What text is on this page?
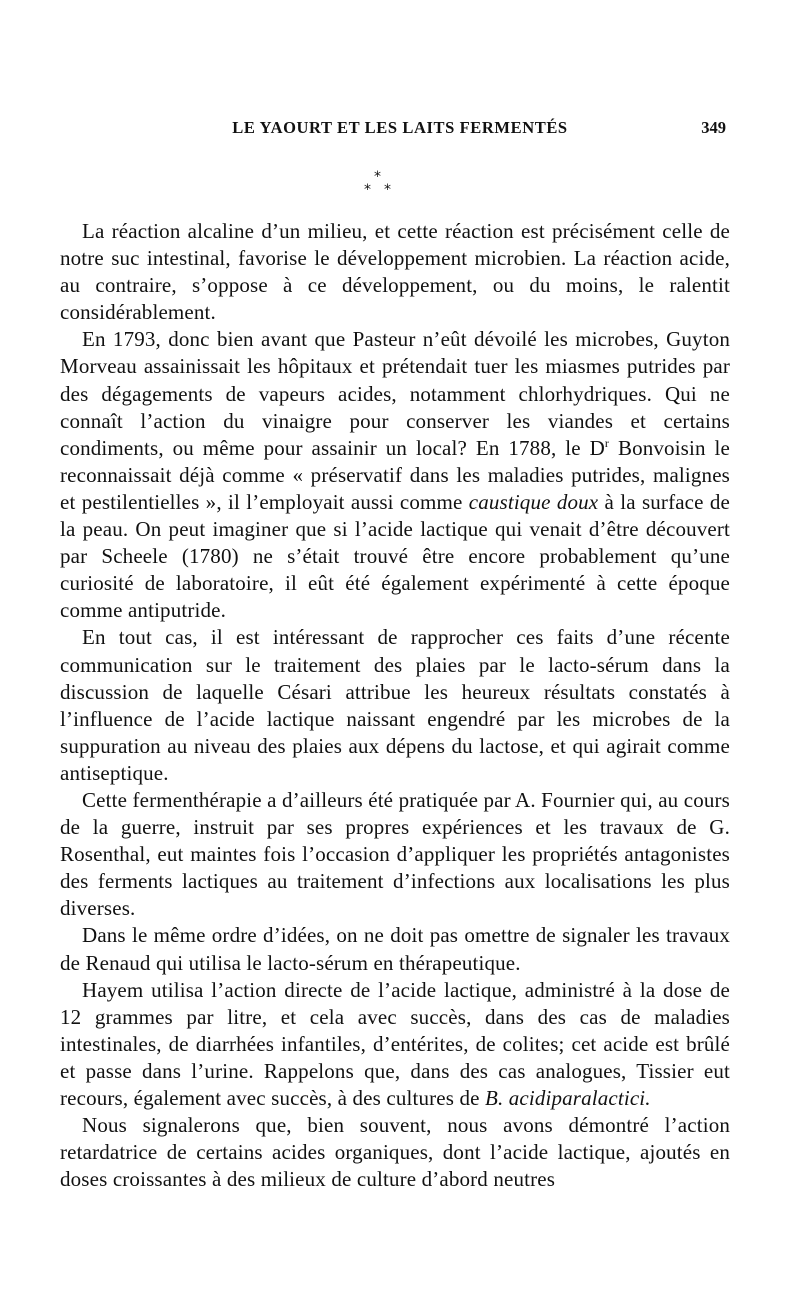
LE YAOURT ET LES LAITS FERMENTÉS	349
*
* *

La réaction alcaline d’un milieu, et cette réaction est précisément celle de notre suc intestinal, favorise le développement microbien. La réaction acide, au contraire, s’oppose à ce développement, ou du moins, le ralentit considérablement.

En 1793, donc bien avant que Pasteur n’eût dévoilé les microbes, Guyton Morveau assainissait les hôpitaux et prétendait tuer les miasmes putrides par des dégagements de vapeurs acides, notamment chlorhydriques. Qui ne connaît l’action du vinaigre pour conserver les viandes et certains condiments, ou même pour assainir un local? En 1788, le $D^r$ Bonvoisin le reconnaissait déjà comme « préservatif dans les maladies putrides, malignes et pestilentielles », il l’employait aussi comme caustique doux à la surface de la peau. On peut imaginer que si l’acide lactique qui venait d’être découvert par Scheele (1780) ne s’était trouvé être encore probablement qu’une curiosité de laboratoire, il eût été également expérimenté à cette époque comme antiputride.

En tout cas, il est intéressant de rapprocher ces faits d’une récente communication sur le traitement des plaies par le lacto-sérum dans la discussion de laquelle Césari attribue les heureux résultats constatés à l’influence de l’acide lactique naissant engendré par les microbes de la suppuration au niveau des plaies aux dépens du lactose, et qui agirait comme antiseptique.

Cette fermenthérapie a d’ailleurs été pratiquée par A. Fournier qui, au cours de la guerre, instruit par ses propres expériences et les travaux de G. Rosenthal, eut maintes fois l’occasion d’appliquer les propriétés antagonistes des ferments lactiques au traitement d’infections aux localisations les plus diverses.

Dans le même ordre d’idées, on ne doit pas omettre de signaler les travaux de Renaud qui utilisa le lacto-sérum en thérapeutique.

Hayem utilisa l’action directe de l’acide lactique, administré à la dose de 12 grammes par litre, et cela avec succès, dans des cas de maladies intestinales, de diarrhées infantiles, d’entérites, de colites; cet acide est brûlé et passe dans l’urine. Rappelons que, dans des cas analogues, Tissier eut recours, également avec succès, à des cultures de B. acidiparalactici.

Nous signalerons que, bien souvent, nous avons démontré l’action retardatrice de certains acides organiques, dont l’acide lactique, ajoutés en doses croissantes à des milieux de culture d’abord neutres
